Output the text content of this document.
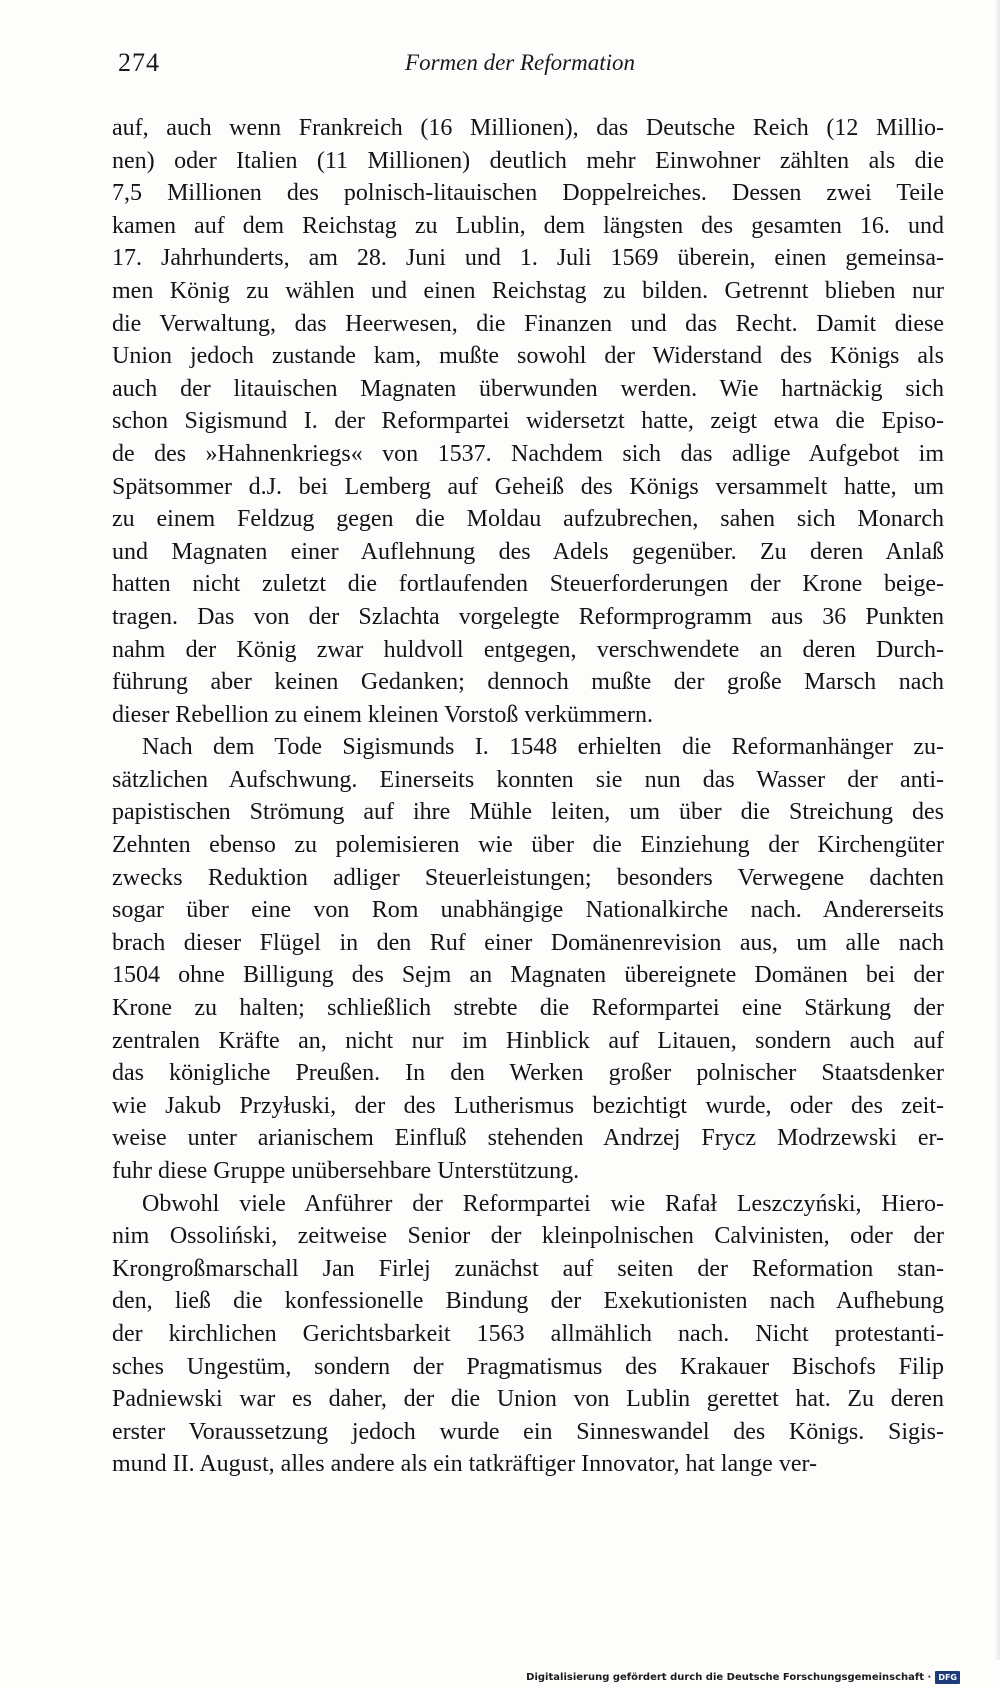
274	Formen der Reformation
auf, auch wenn Frankreich (16 Millionen), das Deutsche Reich (12 Millio-
nen) oder Italien (11 Millionen) deutlich mehr Einwohner zählten als die
7,5 Millionen des polnisch-litauischen Doppelreiches. Dessen zwei Teile
kamen auf dem Reichstag zu Lublin, dem längsten des gesamten 16. und
17. Jahrhunderts, am 28. Juni und 1. Juli 1569 überein, einen gemeinsa-
men König zu wählen und einen Reichstag zu bilden. Getrennt blieben nur
die Verwaltung, das Heerwesen, die Finanzen und das Recht. Damit diese
Union jedoch zustande kam, mußte sowohl der Widerstand des Königs als
auch der litauischen Magnaten überwunden werden. Wie hartnäckig sich
schon Sigismund I. der Reformpartei widersetzt hatte, zeigt etwa die Episo-
de des »Hahnenkriegs« von 1537. Nachdem sich das adlige Aufgebot im
Spätsommer d.J. bei Lemberg auf Geheiß des Königs versammelt hatte, um
zu einem Feldzug gegen die Moldau aufzubrechen, sahen sich Monarch
und Magnaten einer Auflehnung des Adels gegenüber. Zu deren Anlaß
hatten nicht zuletzt die fortlaufenden Steuerforderungen der Krone beige-
tragen. Das von der Szlachta vorgelegte Reformprogramm aus 36 Punkten
nahm der König zwar huldvoll entgegen, verschwendete an deren Durch-
führung aber keinen Gedanken; dennoch mußte der große Marsch nach
dieser Rebellion zu einem kleinen Vorstoß verkümmern.
Nach dem Tode Sigismunds I. 1548 erhielten die Reformanhänger zu-
sätzlichen Aufschwung. Einerseits konnten sie nun das Wasser der anti-
papistischen Strömung auf ihre Mühle leiten, um über die Streichung des
Zehnten ebenso zu polemisieren wie über die Einziehung der Kirchengüter
zwecks Reduktion adliger Steuerleistungen; besonders Verwegene dachten
sogar über eine von Rom unabhängige Nationalkirche nach. Andererseits
brach dieser Flügel in den Ruf einer Domänenrevision aus, um alle nach
1504 ohne Billigung des Sejm an Magnaten übereignete Domänen bei der
Krone zu halten; schließlich strebte die Reformpartei eine Stärkung der
zentralen Kräfte an, nicht nur im Hinblick auf Litauen, sondern auch auf
das königliche Preußen. In den Werken großer polnischer Staatsdenker
wie Jakub Przyłuski, der des Lutherismus bezichtigt wurde, oder des zeit-
weise unter arianischem Einfluß stehenden Andrzej Frycz Modrzewski er-
fuhr diese Gruppe unübersehbare Unterstützung.
Obwohl viele Anführer der Reformpartei wie Rafał Leszczyński, Hiero-
nim Ossoliński, zeitweise Senior der kleinpolnischen Calvinisten, oder der
Krongroßmarschall Jan Firlej zunächst auf seiten der Reformation stan-
den, ließ die konfessionelle Bindung der Exekutionisten nach Aufhebung
der kirchlichen Gerichtsbarkeit 1563 allmählich nach. Nicht protestanti-
sches Ungestüm, sondern der Pragmatismus des Krakauer Bischofs Filip
Padniewski war es daher, der die Union von Lublin gerettet hat. Zu deren
erster Voraussetzung jedoch wurde ein Sinneswandel des Königs. Sigis-
mund II. August, alles andere als ein tatkräftiger Innovator, hat lange ver-
Digitalisierung gefördert durch die Deutsche Forschungsgemeinschaft · DFG
